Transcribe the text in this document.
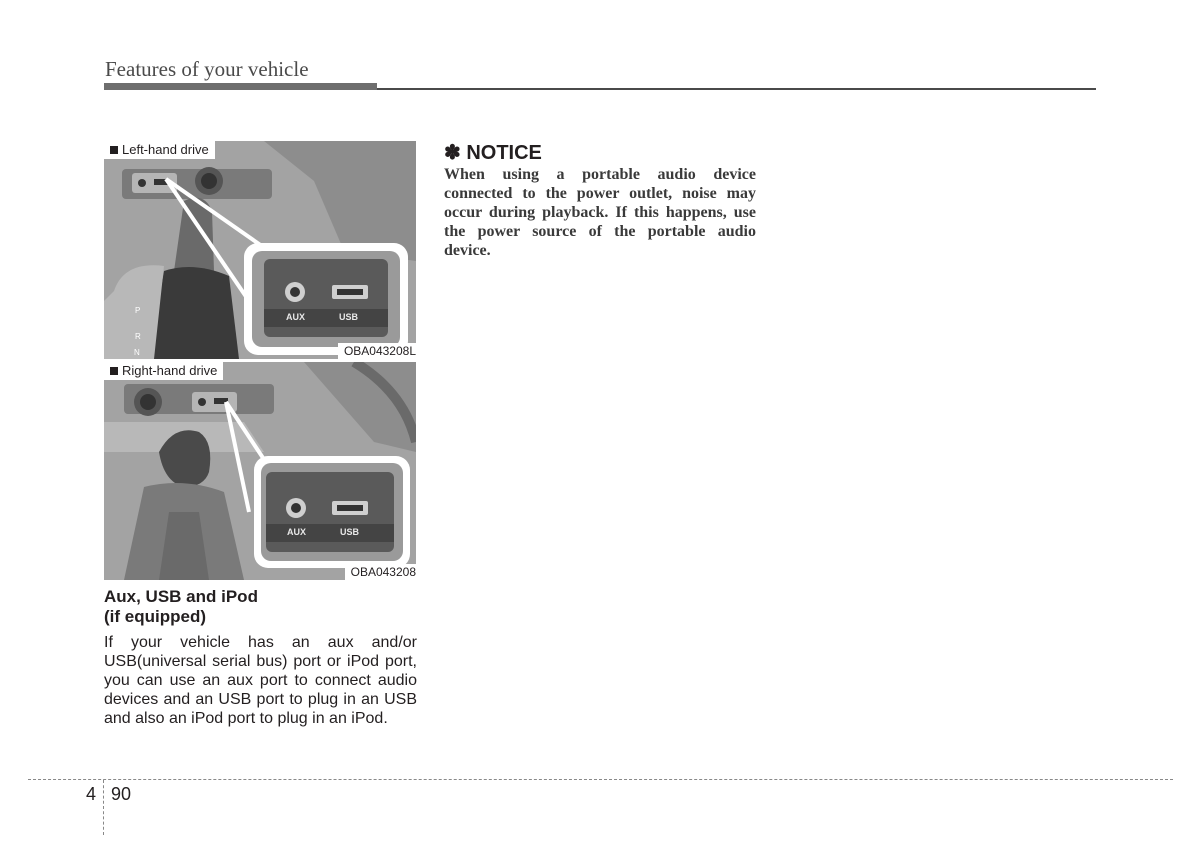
Features of your vehicle
P
R
N
AUX	USB
Left-hand drive
OBA043208L
AUX	USB
Right-hand drive
OBA043208
Aux, USB and iPod
(if equipped)
If your vehicle has an aux and/or USB(universal serial bus) port or iPod port, you can use an aux port to connect audio devices and an USB port to plug in an USB and also an iPod port to plug in an iPod.
✽ NOTICE
When using a portable audio device connected to the power outlet, noise may occur during playback. If this happens, use the power source of the portable audio device.
4 90
